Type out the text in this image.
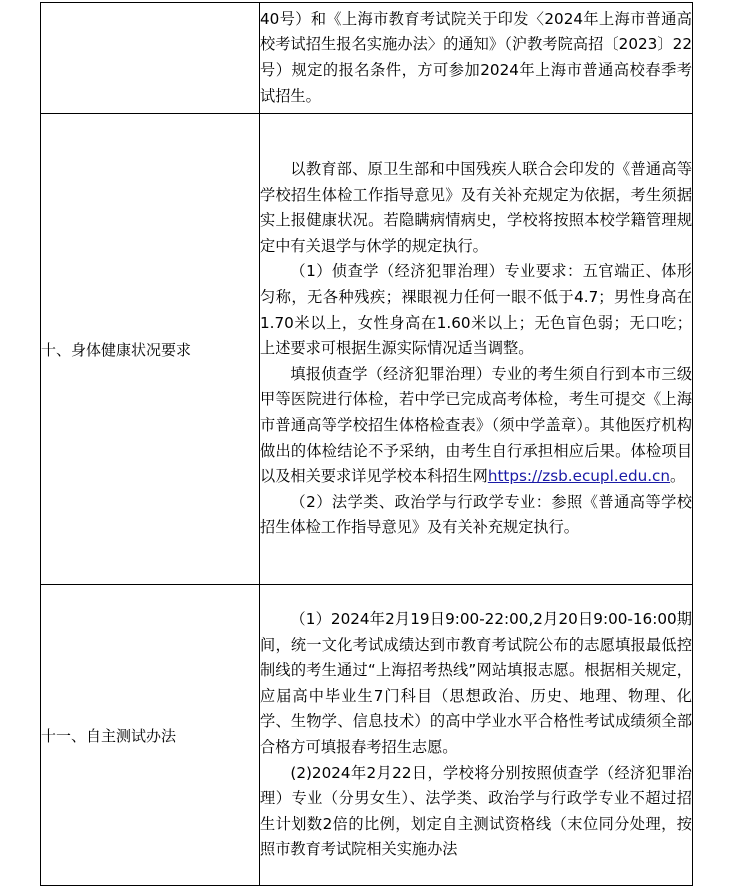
	40号）和《上海市教育考试院关于印发〈2024年上海市普通高校考试招生报名实施办法〉的通知》（沪教考院高招〔2023〕22号）规定的报名条件，方可参加2024年上海市普通高校春季考试招生。

十、身体健康状况要求	以教育部、原卫生部和中国残疾人联合会印发的《普通高等学校招生体检工作指导意见》及有关补充规定为依据，考生须据实上报健康状况。若隐瞒病情病史，学校将按照本校学籍管理规定中有关退学与休学的规定执行。

（1）侦查学（经济犯罪治理）专业要求：五官端正、体形匀称，无各种残疾；裸眼视力任何一眼不低于4.7；男性身高在1.70米以上，女性身高在1.60米以上；无色盲色弱；无口吃；上述要求可根据生源实际情况适当调整。

填报侦查学（经济犯罪治理）专业的考生须自行到本市三级甲等医院进行体检，若中学已完成高考体检，考生可提交《上海市普通高等学校招生体格检查表》（须中学盖章）。其他医疗机构做出的体检结论不予采纳，由考生自行承担相应后果。体检项目以及相关要求详见学校本科招生网https://zsb.ecupl.edu.cn。

（2）法学类、政治学与行政学专业：参照《普通高等学校招生体检工作指导意见》及有关补充规定执行。

十一、自主测试办法	（1）2024年2月19日9:00-22:00,2月20日9:00-16:00期间，统一文化考试成绩达到市教育考试院公布的志愿填报最低控制线的考生通过“上海招考热线”网站填报志愿。根据相关规定，应届高中毕业生7门科目（思想政治、历史、地理、物理、化学、生物学、信息技术）的高中学业水平合格性考试成绩须全部合格方可填报春考招生志愿。

(2)2024年2月22日，学校将分别按照侦查学（经济犯罪治理）专业（分男女生）、法学类、政治学与行政学专业不超过招生计划数2倍的比例，划定自主测试资格线（末位同分处理，按照市教育考试院相关实施办法
